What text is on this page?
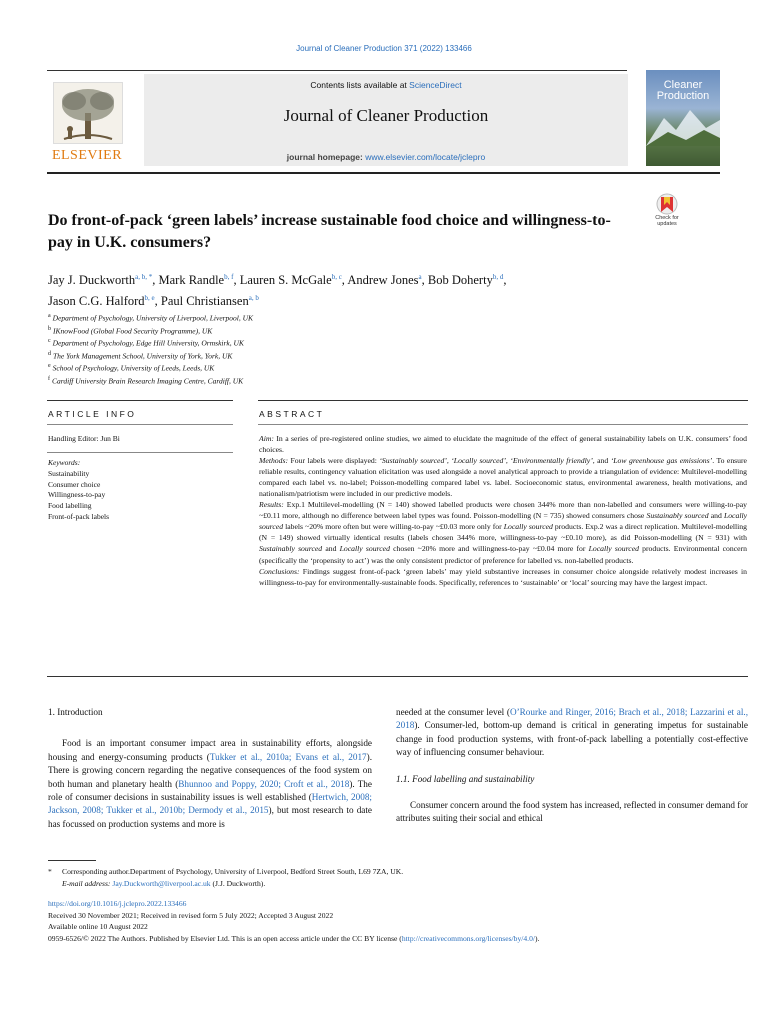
Journal of Cleaner Production 371 (2022) 133466
ELSEVIER
Contents lists available at ScienceDirect
Journal of Cleaner Production
journal homepage: www.elsevier.com/locate/jclepro
Cleaner Production
Do front-of-pack ‘green labels’ increase sustainable food choice and willingness-to-pay in U.K. consumers?
Check for
updates
Jay J. Duckworth$^{a, b, *}$, Mark Randle$^{b, f}$, Lauren S. McGale$^{b, c}$, Andrew Jones$^a$, Bob Doherty$^{b, d}$,
Jason C.G. Halford$^{b, e}$, Paul Christiansen$^{a, b}$
$^a$ Department of Psychology, University of Liverpool, Liverpool, UK
$^b$ IKnowFood (Global Food Security Programme), UK
$^c$ Department of Psychology, Edge Hill University, Ormskirk, UK
$^d$ The York Management School, University of York, York, UK
$^e$ School of Psychology, University of Leeds, Leeds, UK
$^f$ Cardiff University Brain Research Imaging Centre, Cardiff, UK
ARTICLE INFO	ABSTRACT
Handling Editor: Jun Bi
Keywords:
Sustainability
Consumer choice
Willingness-to-pay
Food labelling
Front-of-pack labels

Aim: In a series of pre-registered online studies, we aimed to elucidate the magnitude of the effect of general sustainability labels on U.K. consumers’ food choices.

Methods: Four labels were displayed: ‘Sustainably sourced’, ‘Locally sourced’, ‘Environmentally friendly’, and ‘Low greenhouse gas emissions’. To ensure reliable results, contingency valuation elicitation was used alongside a novel analytical approach to provide a triangulation of evidence: Multilevel-modelling compared each label vs. no-label; Poisson-modelling compared label vs. label. Socioeconomic status, environmental awareness, health motivations, and nationalism/patriotism were included in our predictive models.

Results: Exp.1 Multilevel-modelling (N = 140) showed labelled products were chosen 344% more than non-labelled and consumers were willing-to-pay ~£0.11 more, although no difference between label types was found. Poisson-modelling (N = 735) showed consumers chose Sustainably sourced and Locally sourced labels ~20% more often but were willing-to-pay ~£0.03 more only for Locally sourced products. Exp.2 was a direct replication. Multilevel-modelling (N = 149) showed virtually identical results (labels chosen 344% more, willingness-to-pay ~£0.10 more), as did Poisson-modelling (N = 931) with Sustainably sourced and Locally sourced chosen ~20% more and willingness-to-pay ~£0.04 more for Locally sourced products. Environmental concern (specifically the ‘propensity to act’) was the only consistent predictor of preference for labelled vs. non-labelled products.

Conclusions: Findings suggest front-of-pack ‘green labels’ may yield substantive increases in consumer choice alongside relatively modest increases in willingness-to-pay for environmentally-sustainable foods. Specifically, references to ‘sustainable’ or ‘local’ sourcing may have the largest impact.

1. Introduction

Food is an important consumer impact area in sustainability efforts, alongside housing and energy-consuming products (Tukker et al., 2010a; Evans et al., 2017). There is growing concern regarding the negative consequences of the food system on both human and planetary health (Bhunnoo and Poppy, 2020; Croft et al., 2018). The role of consumer decisions in sustainability issues is well established (Hertwich, 2008; Jackson, 2008; Tukker et al., 2010b; Dermody et al., 2015), but most research to date has focussed on production systems and more is

needed at the consumer level (O’Rourke and Ringer, 2016; Brach et al., 2018; Lazzarini et al., 2018). Consumer-led, bottom-up demand is critical in generating impetus for sustainable change in food production systems, with front-of-pack labelling a potentially cost-effective way of influencing consumer behaviour.

1.1. Food labelling and sustainability

Consumer concern around the food system has increased, reflected in consumer demand for attributes suiting their social and ethical

* Corresponding author.Department of Psychology, University of Liverpool, Bedford Street South, L69 7ZA, UK.
E-mail address: Jay.Duckworth@liverpool.ac.uk (J.J. Duckworth).
https://doi.org/10.1016/j.jclepro.2022.133466
Received 30 November 2021; Received in revised form 5 July 2022; Accepted 3 August 2022
Available online 10 August 2022
0959-6526/© 2022 The Authors. Published by Elsevier Ltd. This is an open access article under the CC BY license (http://creativecommons.org/licenses/by/4.0/).
